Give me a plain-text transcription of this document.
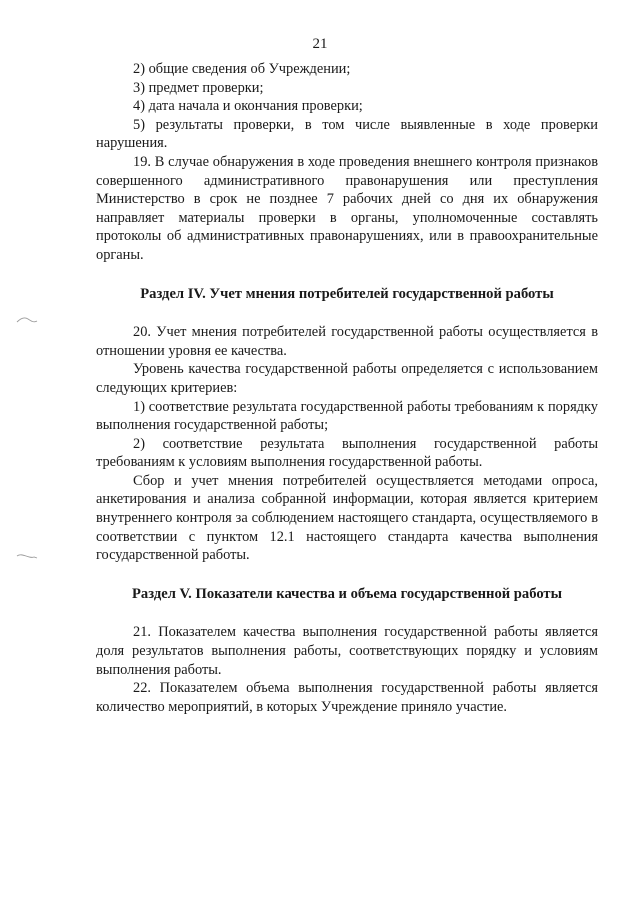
21

2) общие сведения об Учреждении;

3) предмет проверки;

4) дата начала и окончания проверки;

5) результаты проверки, в том числе выявленные в ходе проверки нарушения.

19. В случае обнаружения в ходе проведения внешнего контроля признаков совершенного административного правонарушения или преступления Министерство в срок не позднее 7 рабочих дней со дня их обнаружения направляет материалы проверки в органы, уполномоченные составлять протоколы об административных правонарушениях, или в правоохранительные органы.

Раздел IV. Учет мнения потребителей государственной работы

20. Учет мнения потребителей государственной работы осуществляется в отношении уровня ее качества.

Уровень качества государственной работы определяется с использованием следующих критериев:

1) соответствие результата государственной работы требованиям к порядку выполнения государственной работы;

2) соответствие результата выполнения государственной работы требованиям к условиям выполнения государственной работы.

Сбор и учет мнения потребителей осуществляется методами опроса, анкетирования и анализа собранной информации, которая является критерием внутреннего контроля за соблюдением настоящего стандарта, осуществляемого в соответствии с пунктом 12.1 настоящего стандарта качества выполнения государственной работы.

Раздел V. Показатели качества и объема государственной работы

21. Показателем качества выполнения государственной работы является доля результатов выполнения работы, соответствующих порядку и условиям выполнения работы.

22. Показателем объема выполнения государственной работы является количество мероприятий, в которых Учреждение приняло участие.
